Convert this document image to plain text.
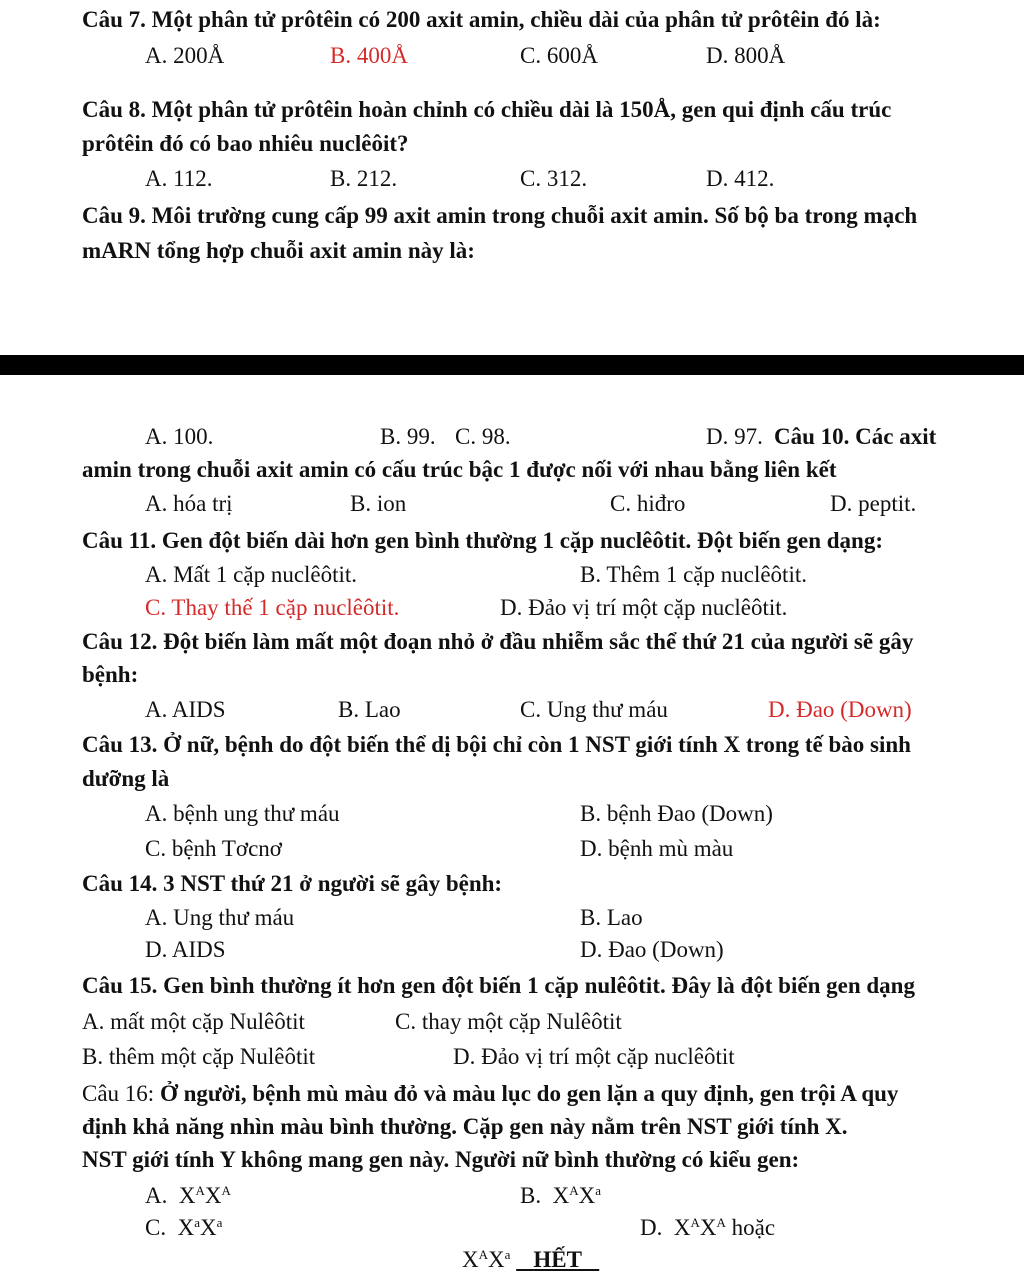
Câu 7. Một phân tử prôtêin có 200 axit amin, chiều dài của phân tử prôtêin đó là:
A. 200Å	B. 400Å	C. 600Å	D. 800Å
Câu 8. Một phân tử prôtêin hoàn chỉnh có chiều dài là 150Å, gen qui định cấu trúc
prôtêin đó có bao nhiêu nuclêôit?
A. 112.	B. 212.	C. 312.	D. 412.
Câu 9. Môi trường cung cấp 99 axit amin trong chuỗi axit amin. Số bộ ba trong mạch
mARN tổng hợp chuỗi axit amin này là:
A. 100.	B. 99. C. 98.	D. 97. Câu 10. Các axit
amin trong chuỗi axit amin có cấu trúc bậc 1 được nối với nhau bằng liên kết
A. hóa trị	B. ion	C. hiđro	D. peptit.
Câu 11. Gen đột biến dài hơn gen bình thường 1 cặp nuclêôtit. Đột biến gen dạng:
A. Mất 1 cặp nuclêôtit.	B. Thêm 1 cặp nuclêôtit.
C. Thay thế 1 cặp nuclêôtit.	D. Đảo vị trí một cặp nuclêôtit.
Câu 12. Đột biến làm mất một đoạn nhỏ ở đầu nhiễm sắc thể thứ 21 của người sẽ gây
bệnh:
A. AIDS	B. Lao	C. Ung thư máu	D. Đao (Down)
Câu 13. Ở nữ, bệnh do đột biến thể dị bội chỉ còn 1 NST giới tính X trong tế bào sinh
dưỡng là
A. bệnh ung thư máu	B. bệnh Đao (Down)
C. bệnh Tơcnơ	D. bệnh mù màu
Câu 14. 3 NST thứ 21 ở người sẽ gây bệnh:
A. Ung thư máu	B. Lao
D. AIDS	D. Đao (Down)
Câu 15. Gen bình thường ít hơn gen đột biến 1 cặp nulêôtit. Đây là đột biến gen dạng
A. mất một cặp Nulêôtit	C. thay một cặp Nulêôtit
B. thêm một cặp Nulêôtit	D. Đảo vị trí một cặp nuclêôtit
Câu 16: Ở người, bệnh mù màu đỏ và màu lục do gen lặn a quy định, gen trội A quy
định khả năng nhìn màu bình thường. Cặp gen này nằm trên NST giới tính X.
NST giới tính Y không mang gen này. Người nữ bình thường có kiểu gen:
A. $X^AX^A$	B. $X^AX^a$
C. $X^aX^a$	D. $X^AX^A$ hoặc
$X^AX^a$ HẾT
